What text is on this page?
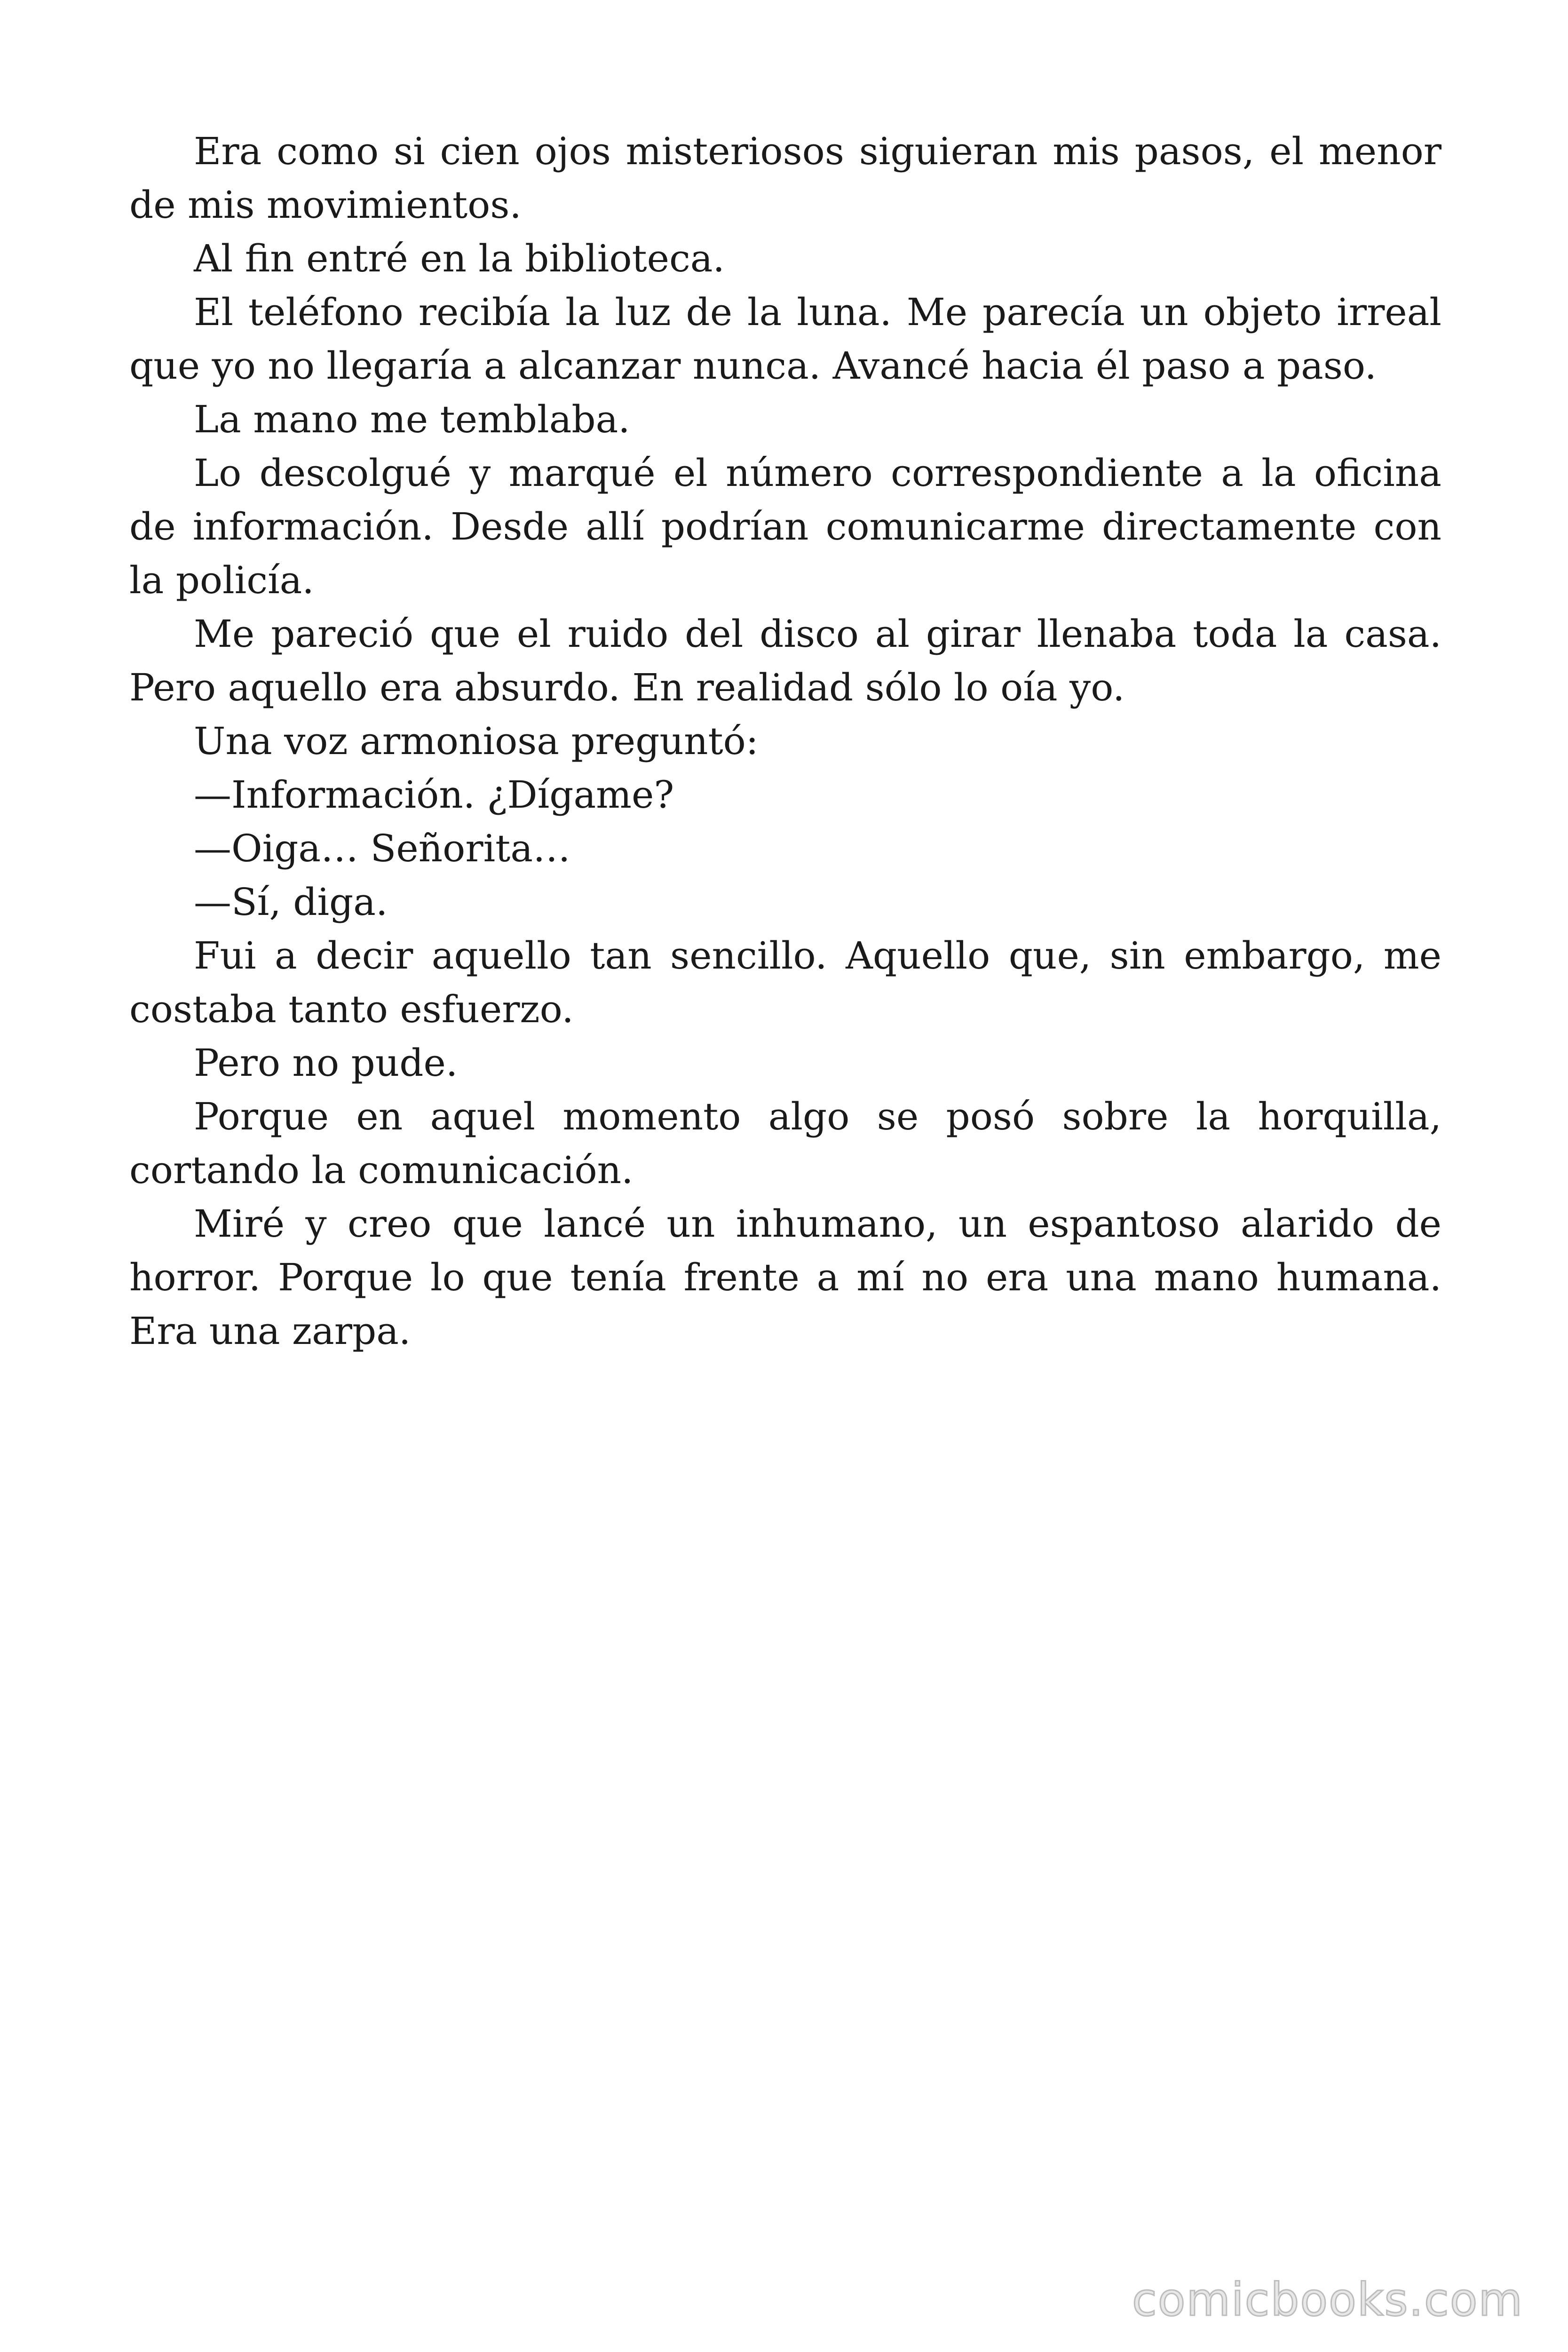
Era como si cien ojos misteriosos siguieran mis pasos, el menor de mis movimientos.

Al fin entré en la biblioteca.

El teléfono recibía la luz de la luna. Me parecía un objeto irreal que yo no llegaría a alcanzar nunca. Avancé hacia él paso a paso.

La mano me temblaba.

Lo descolgué y marqué el número correspondiente a la oficina de información. Desde allí podrían comunicarme directamente con la policía.

Me pareció que el ruido del disco al girar llenaba toda la casa. Pero aquello era absurdo. En realidad sólo lo oía yo.

Una voz armoniosa preguntó:

—Información. ¿Dígame?

—Oiga… Señorita…

—Sí, diga.

Fui a decir aquello tan sencillo. Aquello que, sin embargo, me costaba tanto esfuerzo.

Pero no pude.

Porque en aquel momento algo se posó sobre la horquilla, cortando la comunicación.

Miré y creo que lancé un inhumano, un espantoso alarido de horror. Porque lo que tenía frente a mí no era una mano humana. Era una zarpa.

comicbooks.com
